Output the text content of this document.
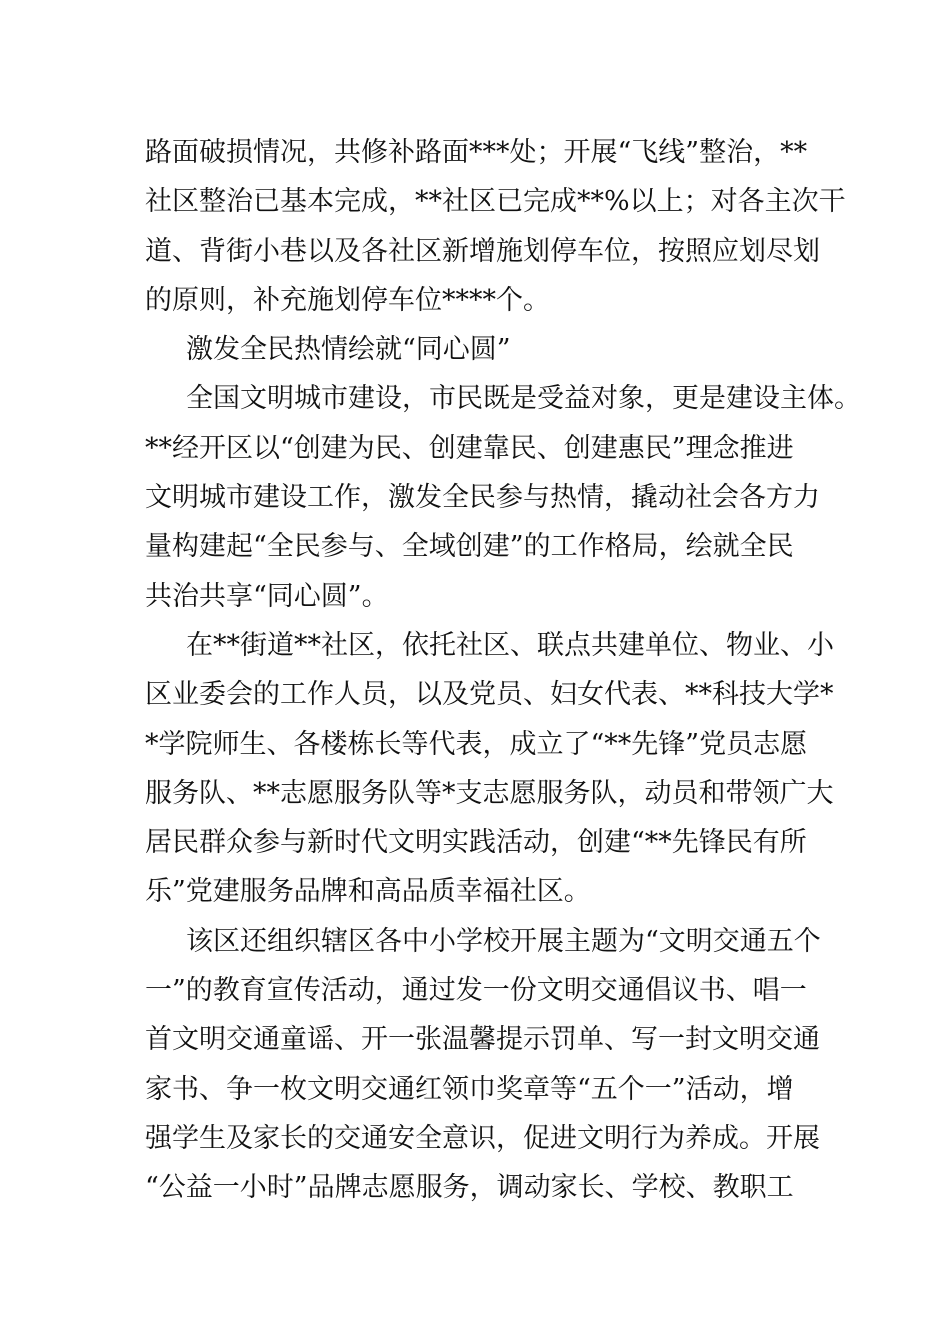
路面破损情况，共修补路面***处；开展“飞线”整治，**
社区整治已基本完成，**社区已完成**%以上；对各主次干
道、背街小巷以及各社区新增施划停车位，按照应划尽划
的原则，补充施划停车位****个。
激发全民热情绘就“同心圆”
全国文明城市建设，市民既是受益对象，更是建设主体。
**经开区以“创建为民、创建靠民、创建惠民”理念推进
文明城市建设工作，激发全民参与热情，撬动社会各方力
量构建起“全民参与、全域创建”的工作格局，绘就全民
共治共享“同心圆”。
在**街道**社区，依托社区、联点共建单位、物业、小
区业委会的工作人员，以及党员、妇女代表、**科技大学*
*学院师生、各楼栋长等代表，成立了“**先锋”党员志愿
服务队、**志愿服务队等*支志愿服务队，动员和带领广大
居民群众参与新时代文明实践活动，创建“**先锋民有所
乐”党建服务品牌和高品质幸福社区。
该区还组织辖区各中小学校开展主题为“文明交通五个
一”的教育宣传活动，通过发一份文明交通倡议书、唱一
首文明交通童谣、开一张温馨提示罚单、写一封文明交通
家书、争一枚文明交通红领巾奖章等“五个一”活动，增
强学生及家长的交通安全意识，促进文明行为养成。开展
“公益一小时”品牌志愿服务，调动家长、学校、教职工
